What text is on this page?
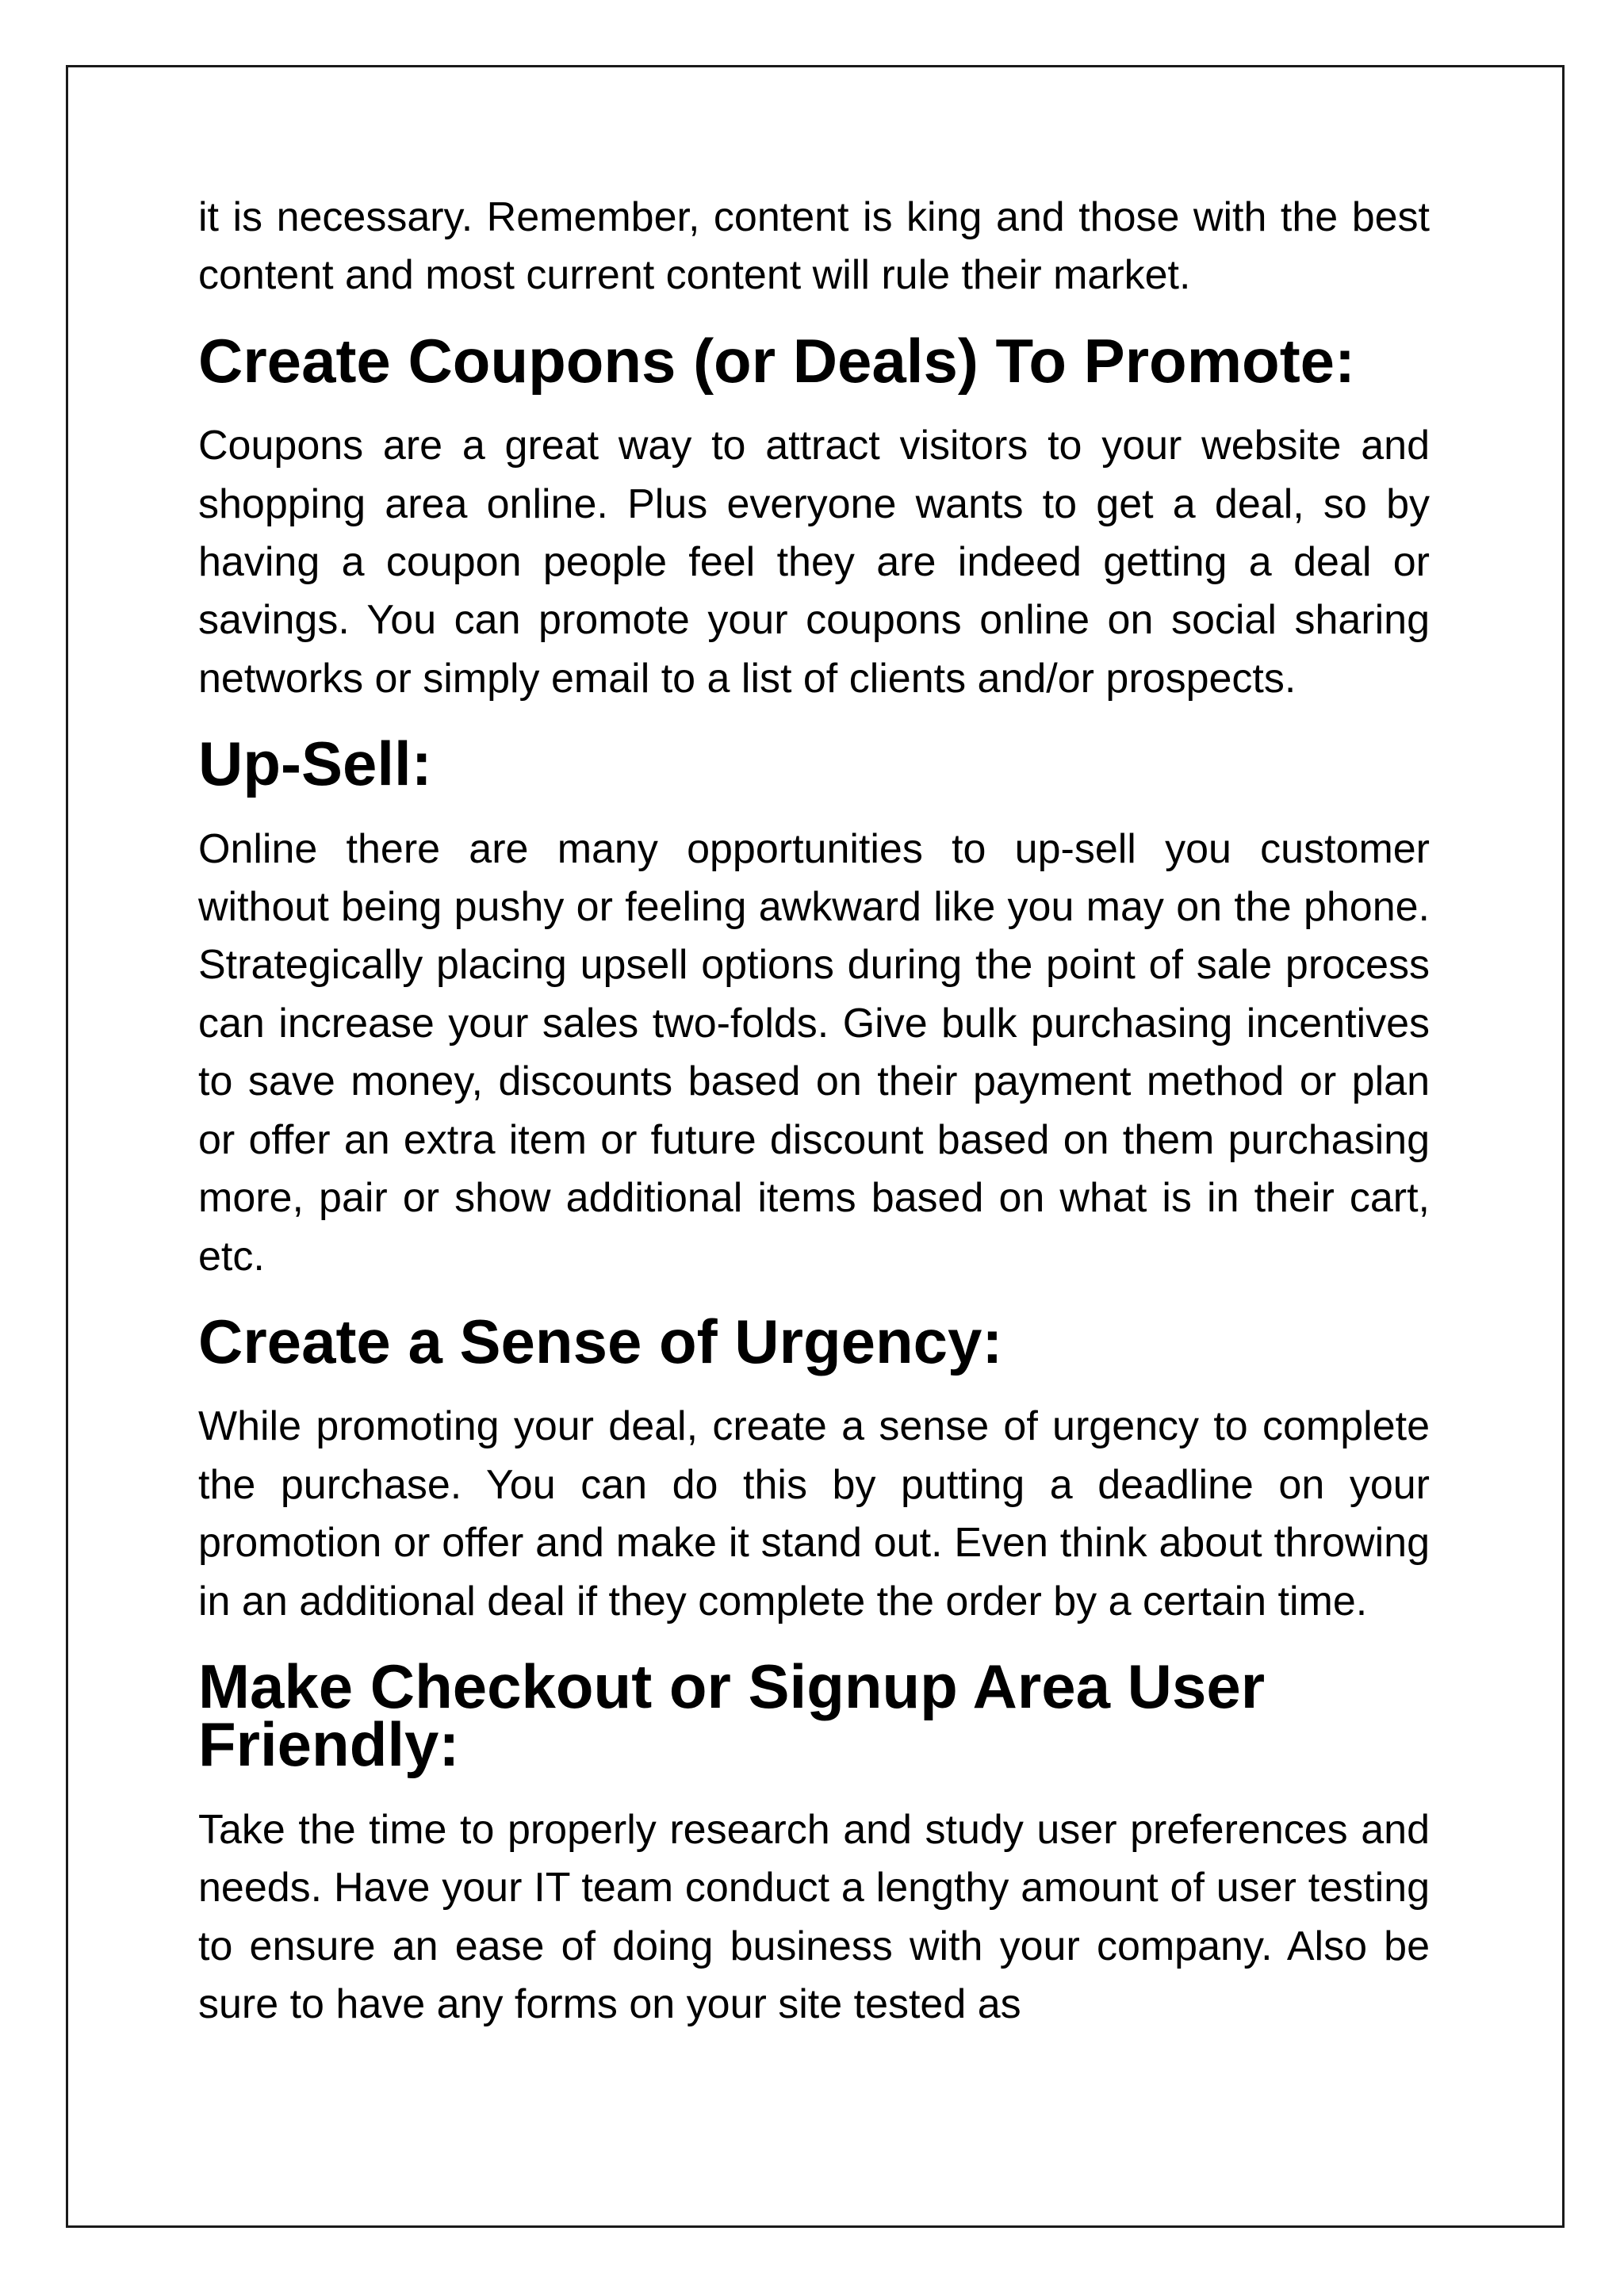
it is necessary. Remember, content is king and those with the best content and most current content will rule their market.

Create Coupons (or Deals) To Promote:

Coupons are a great way to attract visitors to your website and shopping area online. Plus everyone wants to get a deal, so by having a coupon people feel they are indeed getting a deal or savings. You can promote your coupons online on social sharing networks or simply email to a list of clients and/or prospects.

Up-Sell:

Online there are many opportunities to up-sell you customer without being pushy or feeling awkward like you may on the phone. Strategically placing upsell options during the point of sale process can increase your sales two-folds. Give bulk purchasing incentives to save money, discounts based on their payment method or plan or offer an extra item or future discount based on them purchasing more, pair or show additional items based on what is in their cart, etc.

Create a Sense of Urgency:

While promoting your deal, create a sense of urgency to complete the purchase. You can do this by putting a deadline on your promotion or offer and make it stand out. Even think about throwing in an additional deal if they complete the order by a certain time.

Make Checkout or Signup Area User Friendly:

Take the time to properly research and study user preferences and needs. Have your IT team conduct a lengthy amount of user testing to ensure an ease of doing business with your company. Also be sure to have any forms on your site tested as
